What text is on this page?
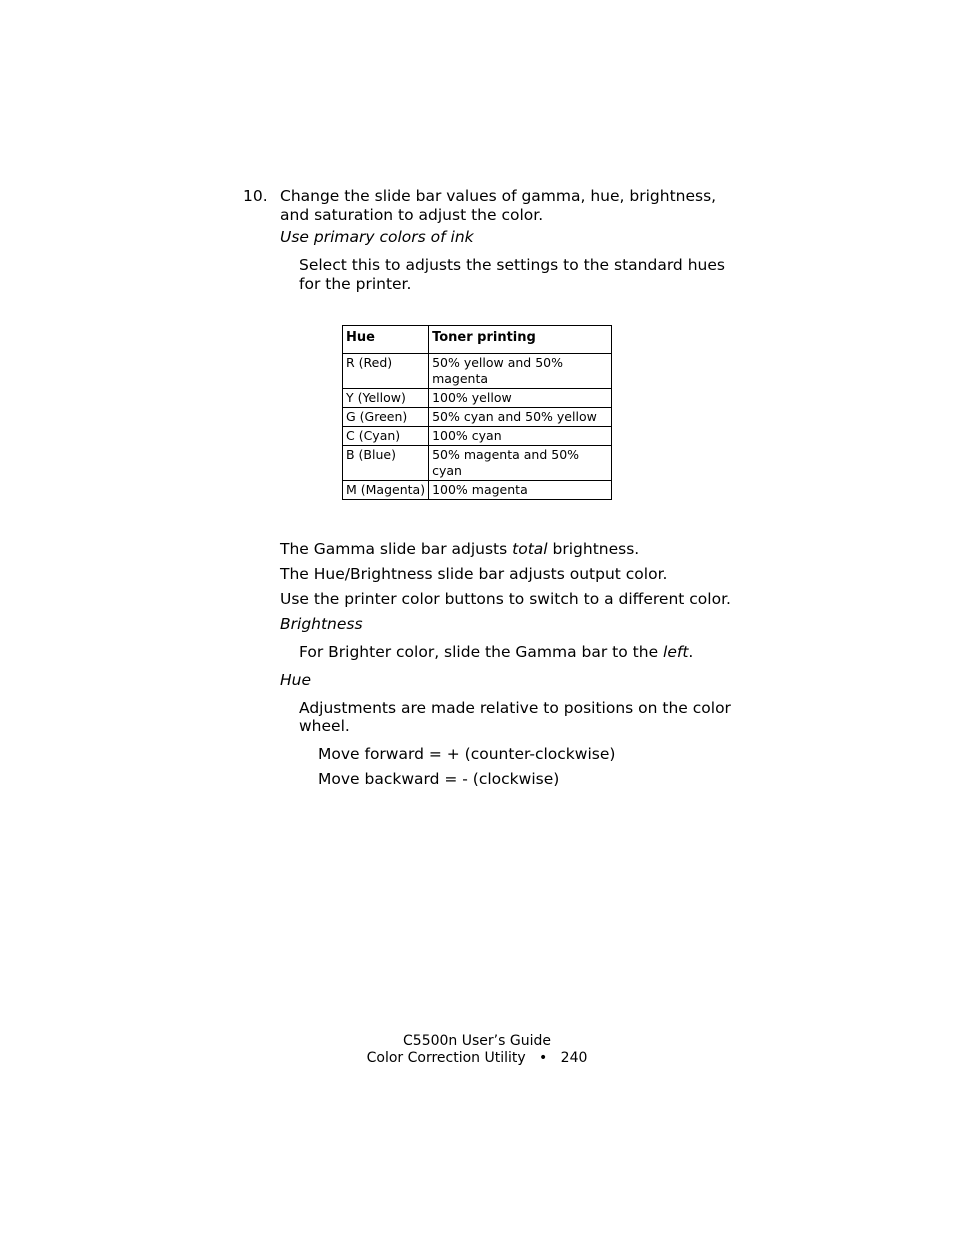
10. Change the slide bar values of gamma, hue, brightness,
and saturation to adjust the color.
Use primary colors of ink
Select this to adjusts the settings to the standard hues
for the printer.
Hue	Toner printing
R (Red)	50% yellow and 50% magenta
Y (Yellow)	100% yellow
G (Green)	50% cyan and 50% yellow
C (Cyan)	100% cyan
B (Blue)	50% magenta and 50% cyan
M (Magenta)	100% magenta
The Gamma slide bar adjusts total brightness.
The Hue/Brightness slide bar adjusts output color.
Use the printer color buttons to switch to a different color.
Brightness
For Brighter color, slide the Gamma bar to the left.
Hue
Adjustments are made relative to positions on the color
wheel.
Move forward = + (counter-clockwise)
Move backward = - (clockwise)
C5500n User’s Guide
Color Correction Utility • 240
